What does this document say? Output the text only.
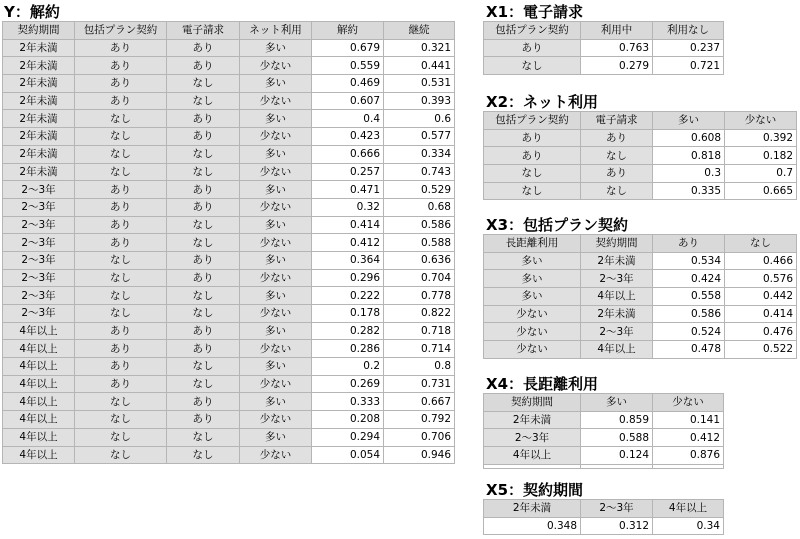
Y：解約
契約期間	包括プラン契約	電子請求	ネット利用	解約	継続
2年未満	あり	あり	多い	0.679	0.321
2年未満	あり	あり	少ない	0.559	0.441
2年未満	あり	なし	多い	0.469	0.531
2年未満	あり	なし	少ない	0.607	0.393
2年未満	なし	あり	多い	0.4	0.6
2年未満	なし	あり	少ない	0.423	0.577
2年未満	なし	なし	多い	0.666	0.334
2年未満	なし	なし	少ない	0.257	0.743
2〜3年	あり	あり	多い	0.471	0.529
2〜3年	あり	あり	少ない	0.32	0.68
2〜3年	あり	なし	多い	0.414	0.586
2〜3年	あり	なし	少ない	0.412	0.588
2〜3年	なし	あり	多い	0.364	0.636
2〜3年	なし	あり	少ない	0.296	0.704
2〜3年	なし	なし	多い	0.222	0.778
2〜3年	なし	なし	少ない	0.178	0.822
4年以上	あり	あり	多い	0.282	0.718
4年以上	あり	あり	少ない	0.286	0.714
4年以上	あり	なし	多い	0.2	0.8
4年以上	あり	なし	少ない	0.269	0.731
4年以上	なし	あり	多い	0.333	0.667
4年以上	なし	あり	少ない	0.208	0.792
4年以上	なし	なし	多い	0.294	0.706
4年以上	なし	なし	少ない	0.054	0.946
X1：電子請求
包括プラン契約	利用中	利用なし
あり	0.763	0.237
なし	0.279	0.721
X2：ネット利用
包括プラン契約	電子請求	多い	少ない
あり	あり	0.608	0.392
あり	なし	0.818	0.182
なし	あり	0.3	0.7
なし	なし	0.335	0.665
X3：包括プラン契約
長距離利用	契約期間	あり	なし
多い	2年未満	0.534	0.466
多い	2〜3年	0.424	0.576
多い	4年以上	0.558	0.442
少ない	2年未満	0.586	0.414
少ない	2〜3年	0.524	0.476
少ない	4年以上	0.478	0.522
X4：長距離利用
契約期間	多い	少ない
2年未満	0.859	0.141
2〜3年	0.588	0.412
4年以上	0.124	0.876

X5：契約期間
2年未満	2〜3年	4年以上
0.348	0.312	0.34
